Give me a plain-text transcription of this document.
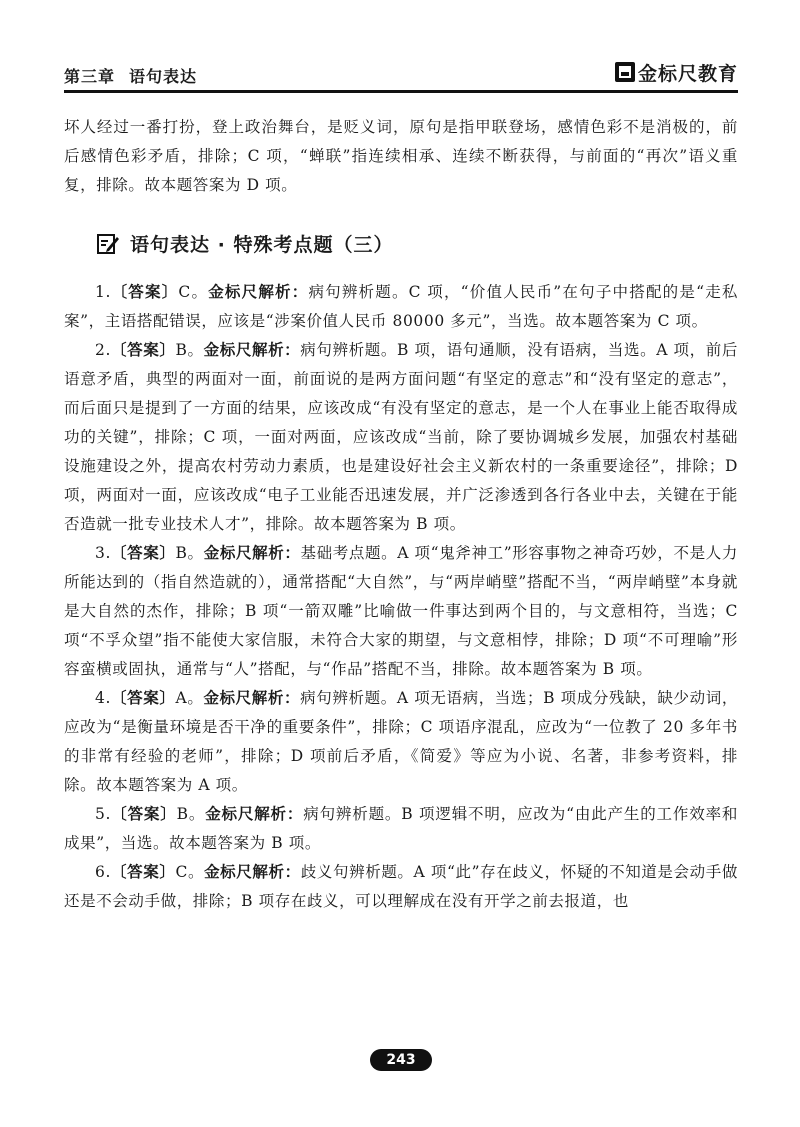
第三章 语句表达	金标尺教育

坏人经过一番打扮，登上政治舞台，是贬义词，原句是指甲联登场，感情色彩不是消极的，前后感情色彩矛盾，排除；C 项，“蝉联”指连续相承、连续不断获得，与前面的“再次”语义重复，排除。故本题答案为 D 项。

语句表达 · 特殊考点题（三）

1.〔答案〕C。金标尺解析：病句辨析题。C 项，“价值人民币”在句子中搭配的是“走私案”，主语搭配错误，应该是“涉案价值人民币 80000 多元”，当选。故本题答案为 C 项。

2.〔答案〕B。金标尺解析：病句辨析题。B 项，语句通顺，没有语病，当选。A 项，前后语意矛盾，典型的两面对一面，前面说的是两方面问题“有坚定的意志”和“没有坚定的意志”，而后面只是提到了一方面的结果，应该改成“有没有坚定的意志，是一个人在事业上能否取得成功的关键”，排除；C 项，一面对两面，应该改成“当前，除了要协调城乡发展，加强农村基础设施建设之外，提高农村劳动力素质，也是建设好社会主义新农村的一条重要途径”，排除；D 项，两面对一面，应该改成“电子工业能否迅速发展，并广泛渗透到各行各业中去，关键在于能否造就一批专业技术人才”，排除。故本题答案为 B 项。

3.〔答案〕B。金标尺解析：基础考点题。A 项“鬼斧神工”形容事物之神奇巧妙，不是人力所能达到的（指自然造就的），通常搭配“大自然”，与“两岸峭壁”搭配不当，“两岸峭壁”本身就是大自然的杰作，排除；B 项“一箭双雕”比喻做一件事达到两个目的，与文意相符，当选；C 项“不孚众望”指不能使大家信服，未符合大家的期望，与文意相悖，排除；D 项“不可理喻”形容蛮横或固执，通常与“人”搭配，与“作品”搭配不当，排除。故本题答案为 B 项。

4.〔答案〕A。金标尺解析：病句辨析题。A 项无语病，当选；B 项成分残缺，缺少动词，应改为“是衡量环境是否干净的重要条件”，排除；C 项语序混乱，应改为“一位教了 20 多年书的非常有经验的老师”，排除；D 项前后矛盾，《简爱》等应为小说、名著，非参考资料，排除。故本题答案为 A 项。

5.〔答案〕B。金标尺解析：病句辨析题。B 项逻辑不明，应改为“由此产生的工作效率和成果”，当选。故本题答案为 B 项。

6.〔答案〕C。金标尺解析：歧义句辨析题。A 项“此”存在歧义，怀疑的不知道是会动手做还是不会动手做，排除；B 项存在歧义，可以理解成在没有开学之前去报道，也

243
